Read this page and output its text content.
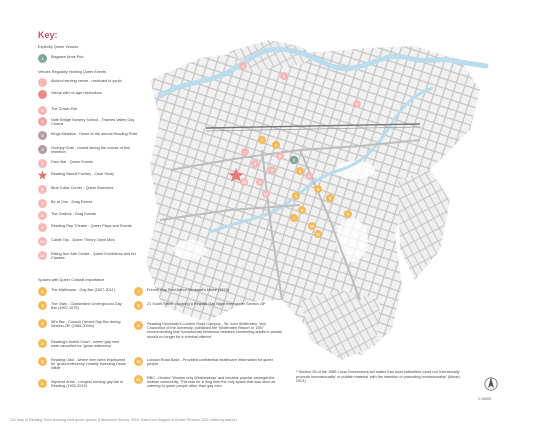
1
2
3
4
5
6
7
8
9
10
11
1
2
3
4
5
6
7
8
9
10
11
1
Key:
Explicitly Queer Venues
1	Blagrave Arms Pub
Venues Regularly Hosting Queer Events
Alcohol serving venue - restricted to youth
Venue with no age restrictions
1	The Crown Pub
2	Note Bridge Nursery School - Thames Valley Gay Chorus
3	Kings Meadow - Home to the annual Reading Pride
4	Grumpy Goat - closed during the course of this research
5	Face Bar - Queer Events
★ Reading Biscuit Factory - Case Study
6	Blue Collar Corner - Queer Brunches
7	Be at One - Drag Events
8	The Outlook - Drag Events
9	Reading Rep Theatre - Queer Plays and Events
10	Castle Tap - Queer Theory Open Mics
11	Rising Sun Arts Centre - Queer Exhibitions and Art Classes
Spaces with Queer Cultural Importance
1	The Malthouse - Gay Bar (2007-2011)
2	The Owls - Clandestine Underground Gay Bar (1967-1975)
3	38's Bar - Council Owned Gay Bar during Section 28* (1989-2000s)
4	Reading's Arabic Court - where gay men were cancelled for 'gross indecency'
5	Reading Gaol - where men were imprisoned for 'gross indecency' notably including Oscar Wilde
6	Wynford Arms - Longest running gay bar in Reading (1992-2015)
7	French Gay Poet Arthur Rimbaud's Home (1874)
8	21 South Street - Hosting a Regular Gay Night even under Section 28*
9	Reading University's London Road Campus - Sir John Wolfenden, Vice Chancellor of the university, published the 'Wolfenden Report' in 1957 recommending that 'homosexual behaviour between consenting adults in private should no longer be a criminal offence'
10	London Road Base - Provided confidential healthcare information for queer people
11	RBC - Hosted 'Women only Wednesdays' and became popular amongst the lesbian community. This was for a long time the only space that was seen as catering to queer people other than gay men
* Section 28 of the 1988 Local Government Act stated that local authorities could not 'intentionally' promote homosexuality' or publish material 'with the intention of promoting homosexuality' (Moran, 2001)
1:10000
131 Map of Reading Town showing local queer spaces (Orthonome Survey, 2019; Data from Support of Broker Pictures 2021 edited by author)
